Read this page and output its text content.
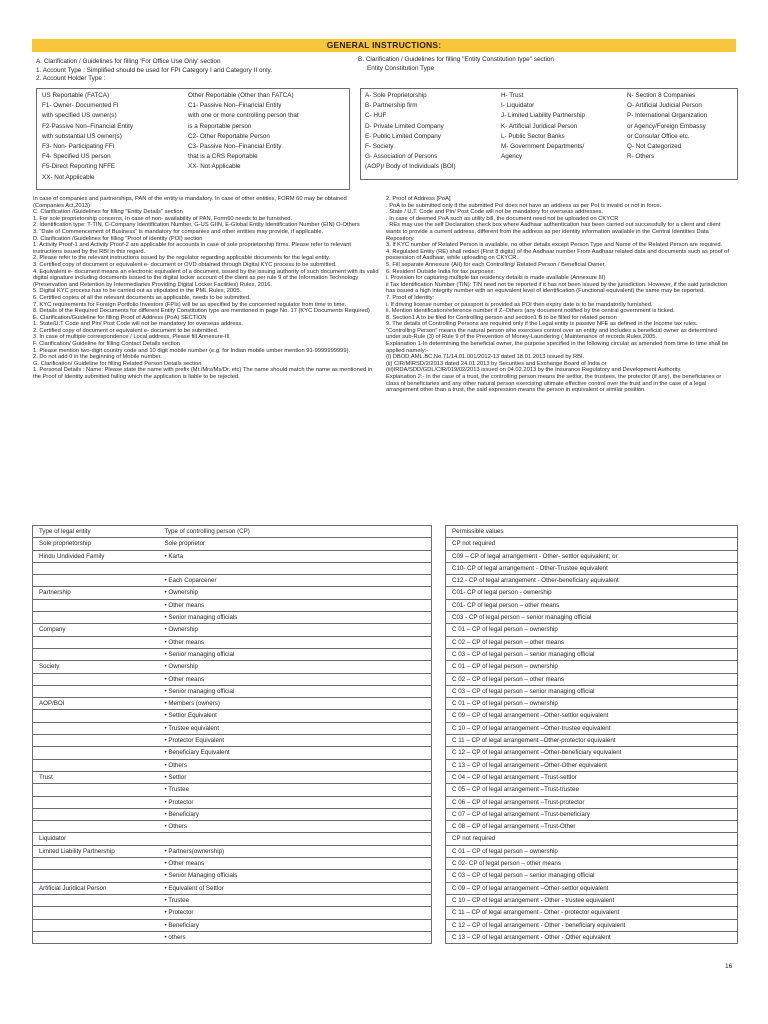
GENERAL INSTRUCTIONS:
A. Clarification / Guidelines for filling 'For Office Use Only' section
1. Account Type : Simplified should be used for FPI Category I and Category II only.
2. Account Holder Type :
B. Clarification / Guidelines for filling "Entity Constitution type" section
Entity Constitution Type
US Reportable (FATCA)
F1- Owner- Documented FI
with specified US owner(s)
F2-Passive Non–Financial Entity
with substantial US owner(s)
F3- Non- Participating FFI
F4- Specified US person
F5-Direct Reporting NFFE
XX- Not Applicable
Other Reportable (Other than FATCA)
C1- Passive Non–Financial Entity
with one or more controlling person that
is a Reportable person
C2- Other Reportable Person
C3- Passive Non–Financial Entity
that is a CRS Reportable
XX- Not Applicable
A- Sole Proprietorship
B- Partnership firm
C- HUF
D- Private Limited Company
E- Public Limited Company
F- Society
G- Association of Persons
(AOP)/ Body of Individuals (BOI)
H- Trust
I- Liquidator
J- Limited Liability Partnership
K- Artificial Juridical Person
L- Public Sector Banks
M- Government Departments/
Agency
N- Section 8 Companies
O- Artificial Judicial Person
P- International Organization
or Agency/Foreign Embassy
or Consular Office etc.
Q- Not Categorized
R- Others

In case of companies and partnerships, PAN of the entity is mandatory. In case of other entities, FORM 60 may be obtained (Companies Act,2013)

C. Clarification /Guidelines for filling "Entity Details" section

1. For sole proprietorship concerns, In case of non- availability of PAN, Form60 needs to be furnished.

2. Identification type: T-TIN, C-Company Identification Number, G-US GIIN, E-Global Entity Identification Number (EIN) O-Others

3. "Date of Commencement of Business" is mandatory for companies and other entities may provide, if applicable.

D. Clarification /Guidelines for filling "Proof of identity (POI) section

1. Activity Proof-1 and Activity Proof-2 are applicable for accounts in case of sole proprietorship firms. Please refer to relevant instructions issued by the RBI in this regard.

2. Please refer to the relevant instructions issued by the regulator regarding applicable documents for the legal entity.

3. Certified copy of document or equivalent e- document or OVD obtained through Digital KYC process to be submitted.

4. Equivalent e- document means an electronic equivalent of a document, issued by the issuing authority of such document with its valid digital signature including documents issued to the digital locker account of the client as per rule 9 of the Information Technology (Preservation and Retention by Intermediaries Providing Digital Locker Facilities) Rules, 2016.

5. Digital KYC process has to be carried out as stipulated in the PML Rules, 2005.

6. Certified copies of all the relevant documents as applicable, needs to be submitted.

7. KYC requirements for Foreign Portfolio Investors (FPIs) will be as specified by the concerned regulator from time to time.

8. Details of the Required Documents for different Entity Constitution type are mentioned in page No. 17 (KYC Documents Required)

E. Clarification/Guideline for filling Proof of Address (PoA) SECTION

1. State/U.T Code and Pin/ Post Code will not be mandatory for overseas address.

2. Certified copy of document or equivalent e- document to be submitted.

3. In case of multiple correspondence / Local address, Please fill Annexure-III

F. Clarification/ Guideline for filling Contact Details section

1. Please mention two-digit country code and 10 digit mobile number (e.g. for Indian mobile umber mention 91-9999999999).

2. Do not add 0 in the beginning of Mobile number.

G. Clarification/ Guideline for filling Related Person Details section

1. Personal Details : Name: Please state the name with prefix (Mr./Mrs/Ms/Dr. etc) The name should match the name as mentioned in the Proof of Identity submitted failing which the application is liable to be rejected.

2. Proof of Address [PoA]

. PoA to be submitted only if the submitted PoI does not have an address as per PoI is invalid or not in force.

. State / U.T. Code and Pin/ Post Code will not be mandatory for overseas addresses.

. In case of deemed PoA such as utility bill, the document need not be uploaded on CKYCR

. REs may use the self Declaration check box where Aadhaar authentication has been carried out successfully for a client and client wants to provide a current address, different from the address as per identity information available in the Central Identities Data Repository.

3. If KYC number of Related Person is available, no other details except Person Type and Name of the Related Person are required.

4. Regulated Entity (RE) shall redact (First 8 digits) of the Aadhaar number From Aadhaar related data and documents such as proof of possession of Aadhaar, while uploading on CKYCR.

5. Fill separate Annexure (AII) for each Controlling/ Related Person / Beneficial Owner.

6. Resident Outside India for tax purposes:

i. Provision for capturing multiple tax residency details is made available (Annexure III)

ii Tax Identification Number (TIN): TIN need not be reported if it has not been issued by the jurisdiction. However, if the said jurisdiction has issued a high integrity number with an equivalent level of identification (Functional equivalent) the same may be reported.

7. Proof of Identity:

i. If driving license number or passport is provided as POI then expiry date is to be mandatorily furnished.

ii. Mention identification/reference number if Z–Others (any document notified by the central government is ticked.

8. Section1 A to be filed for Controlling person and section1 B to be filled for related person

9. The details of Controlling Persons are required only if the Legal entity is passive NFE as defined in the Income tax rules.

"Controlling Person" means the natural person who exercises control over an entity and includes a beneficial owner as determined under sub-Rule (3) of Rule 9 of the Prevention of Money-Laundering ( Maintenance of records Rules,2005.

Explanation 1-In determining the beneficial owner, the purpose specified in the following circular as amended from time to time shall be applied namely:-

(i) DBOD.AML.BC.No.71/14.01.001/2012-13 dated 18.01.2013 issued by RBI.

(ii) CIR/MIRSD/2/2013 dated 24.01.2013 by Securities and Exchange Board of India or

(iii)IRDA/SDD/GDL/CIR/019/02/2013 issued on 04.02.2013 by the Insurance Regulatory and Development Authority.

Explanation 2:- In the case of a trust, the controlling person means the settlor, the trustees, the protector (if any), the beneficiaries or class of beneficiaries and any other natural person exercising ultimate effective control over the trust and in the case of a legal arrangement other than a trust, the said expression means the person in equivalent or similar position.

Type of legal entity	Type of controlling person (CP)		Permissible values
Sole proprietorship	Sole proprietor		CP not required
Hindu Undivided Family	• Karta		C09 – CP of legal arrangement - Other- settlor equivalent; or
			C10- CP of legal arrangement - Other-Trustee equivalent
	• Each Coparcener		C12 - CP of legal arrangement - Other-beneficiary equivalent
Partnership	• Ownership		C01- CP of legal person - ownership
	• Other means		C01- CP of legal person – other means
	• Senior managing officials		C03 - CP of legal person – senior managing official
Company	• Ownership		C 01 – CP of legal person – ownership
	• Other means		C 02 – CP of legal person – other means
	• Senior managing official		C 03 – CP of legal person – senior managing official
Society	• Ownership		C 01 – CP of legal person – ownership
	• Other means		C 02 – CP of legal person – other means
	• Senior managing official		C 03 – CP of legal person – senior managing official
AOP/BOI	• Members (owners)		C 01 – CP of legal person – ownership
	• Settlor Equivalent		C 09 – CP of legal arrangement –Other-settlor equivalent
	• Trustee equivalent		C 10 – CP of legal arrangement –Other-trustee equivalent
	• Protector Equivalent		C 11 – CP of legal arrangement –Other-protector equivalent
	• Beneficiary Equivalent		C 12 – CP of legal arrangement –Other-beneficiary equivalent
	• Others		C 13 – CP of legal arrangement –Other-Other equivalent
Trust	• Settlor		C 04 – CP of legal arrangement –Trust-settlor
	• Trustee		C 05 – CP of legal arrangement –Trust-trustee
	• Protector		C 06 – CP of legal arrangement –Trust-protector
	• Beneficiary		C 07 – CP of legal arrangement –Trust-beneficiary
	• Others		C 08 – CP of legal arrangement –Trust-Other
Liquidator			CP not required
Limited Liability Partnership	• Partners(ownership)		C 01 – CP of legal person – ownership
	• Other means		C 02- CP of legal person – other means
	• Senior Managing officials		C 03 – CP of legal person – senior managing official
Artificial Juridical Person	• Equivalent of Settlor		C 09 – CP of legal arrangement –Other-settlor equivalent
	• Trustee		C 10 – CP of legal arrangement - Other - trustee equivalent
	• Protector		C 11 – CP of legal arrangement - Other - protector equivalent
	• Beneficiary		C 12 – CP of legal arrangement - Other - beneficiary equivalent
	• others		C 13 – CP of legal arrangement - Other - Other equivalent
16
